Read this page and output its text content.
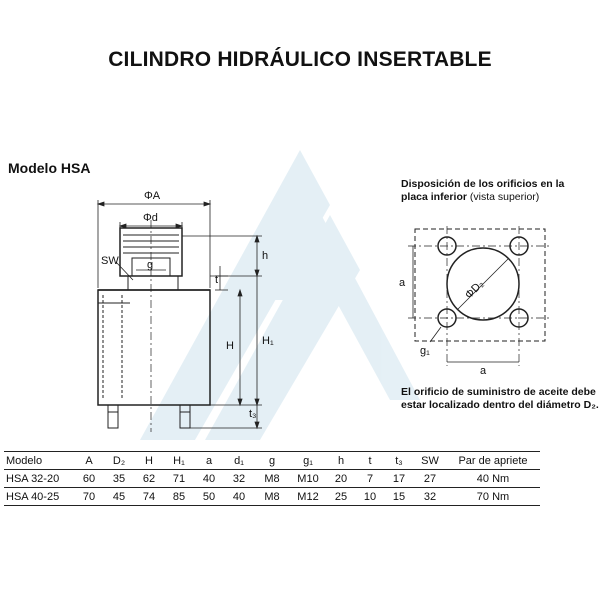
CILINDRO HIDRÁULICO INSERTABLE
Modelo HSA
ΦA
Φd
SW	g
t
h
H	H₁
t₃
a
a
ΦD₂
g₁
Disposición de los orificios en la placa inferior (vista superior)
El orificio de suministro de aceite debe estar localizado dentro del diámetro D₂.
Modelo	A	D₂	H	H₁	a	d₁	g	g₁	h	t	t₃	SW	Par de apriete
HSA 32-20	60	35	62	71	40	32	M8	M10	20	7	17	27	40 Nm
HSA 40-25	70	45	74	85	50	40	M8	M12	25	10	15	32	70 Nm
